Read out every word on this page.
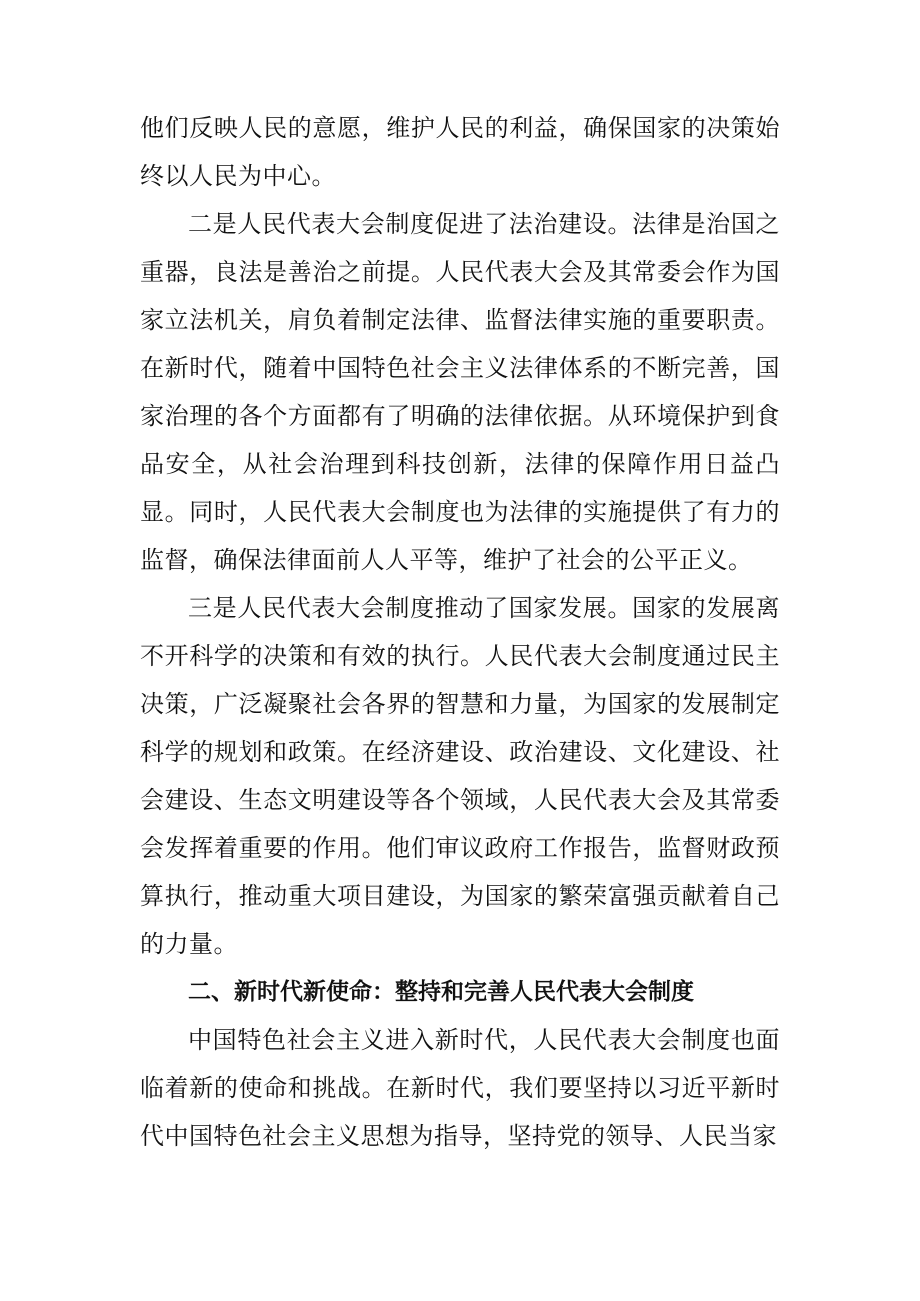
他们反映人民的意愿，维护人民的利益，确保国家的决策始终以人民为中心。

二是人民代表大会制度促进了法治建设。法律是治国之重器，良法是善治之前提。人民代表大会及其常委会作为国家立法机关，肩负着制定法律、监督法律实施的重要职责。在新时代，随着中国特色社会主义法律体系的不断完善，国家治理的各个方面都有了明确的法律依据。从环境保护到食品安全，从社会治理到科技创新，法律的保障作用日益凸显。同时，人民代表大会制度也为法律的实施提供了有力的监督，确保法律面前人人平等，维护了社会的公平正义。

三是人民代表大会制度推动了国家发展。国家的发展离不开科学的决策和有效的执行。人民代表大会制度通过民主决策，广泛凝聚社会各界的智慧和力量，为国家的发展制定科学的规划和政策。在经济建设、政治建设、文化建设、社会建设、生态文明建设等各个领域，人民代表大会及其常委会发挥着重要的作用。他们审议政府工作报告，监督财政预算执行，推动重大项目建设，为国家的繁荣富强贡献着自己的力量。

二、新时代新使命：整持和完善人民代表大会制度

中国特色社会主义进入新时代，人民代表大会制度也面临着新的使命和挑战。在新时代，我们要坚持以习近平新时代中国特色社会主义思想为指导，坚持党的领导、人民当家
